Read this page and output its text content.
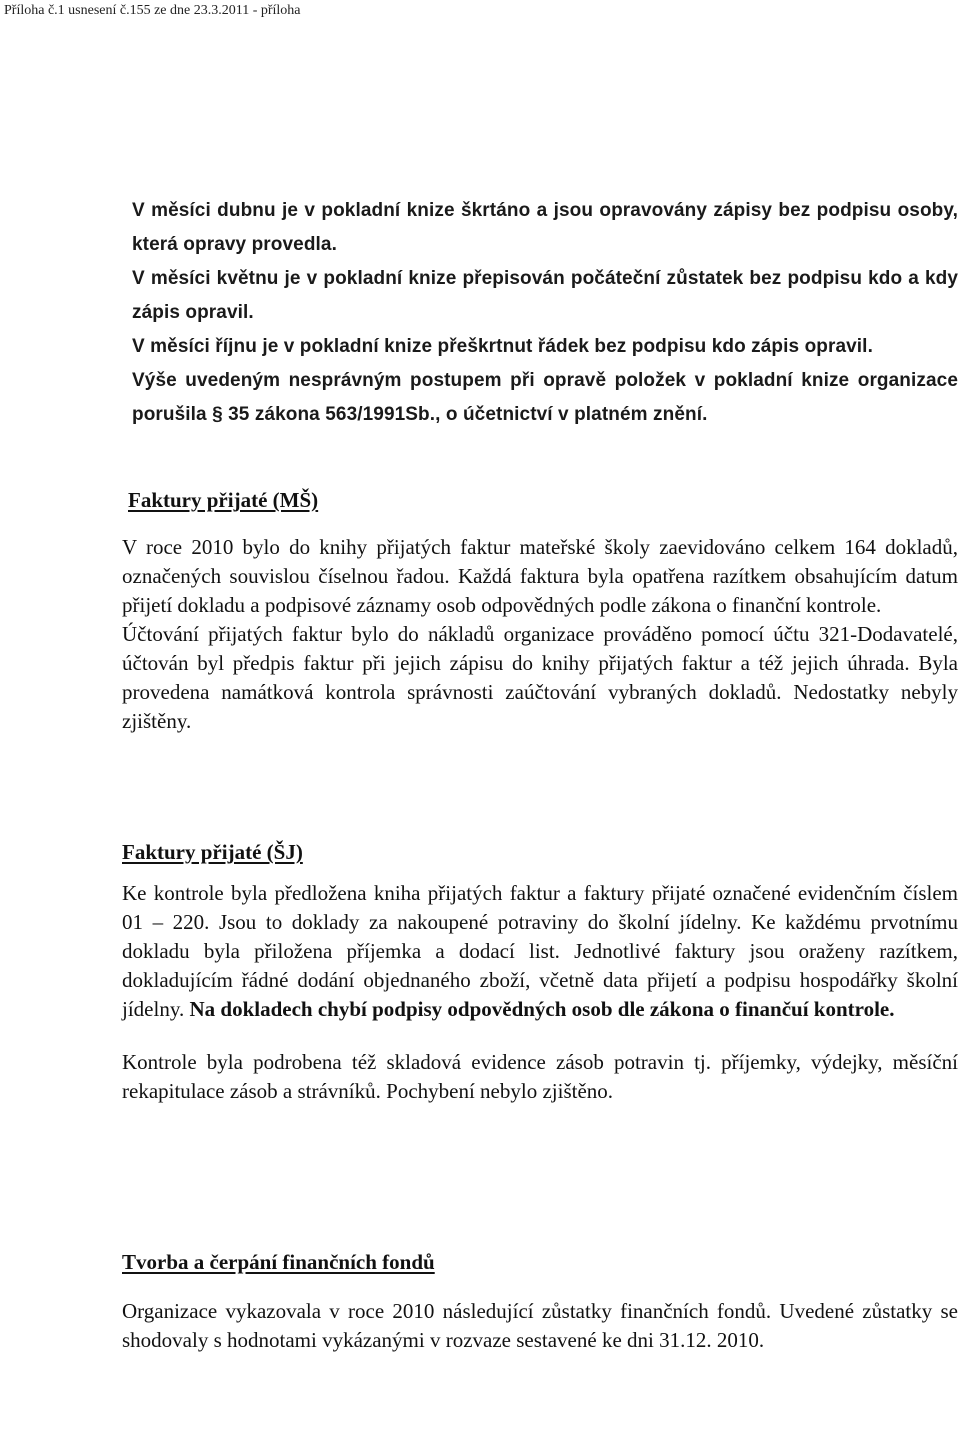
Příloha č.1 usnesení č.155 ze dne 23.3.2011 - příloha

V měsíci dubnu je v pokladní knize škrtáno a jsou opravovány zápisy bez podpisu osoby, která opravy provedla.

V měsíci květnu je v pokladní knize přepisován počáteční zůstatek bez podpisu kdo a kdy zápis opravil.

V měsíci říjnu je v pokladní knize přeškrtnut řádek bez podpisu kdo zápis opravil.

Výše uvedeným nesprávným postupem při opravě položek v pokladní knize organizace porušila § 35 zákona 563/1991Sb., o účetnictví v platném znění.

Faktury přijaté (MŠ)

V roce 2010 bylo do knihy přijatých faktur mateřské školy zaevidováno celkem 164 dokladů, označených souvislou číselnou řadou. Každá faktura byla opatřena razítkem obsahujícím datum přijetí dokladu a podpisové záznamy osob odpovědných podle zákona o finanční kontrole.

Účtování přijatých faktur bylo do nákladů organizace prováděno pomocí účtu 321-Dodavatelé, účtován byl předpis faktur při jejich zápisu do knihy přijatých faktur a též jejich úhrada. Byla provedena namátková kontrola správnosti zaúčtování vybraných dokladů. Nedostatky nebyly zjištěny.

Faktury přijaté (ŠJ)

Ke kontrole byla předložena kniha přijatých faktur a faktury přijaté označené evidenčním číslem 01 – 220. Jsou to doklady za nakoupené potraviny do školní jídelny. Ke každému prvotnímu dokladu byla přiložena příjemka a dodací list. Jednotlivé faktury jsou oraženy razítkem, dokladujícím řádné dodání objednaného zboží, včetně data přijetí a podpisu hospodářky školní jídelny. Na dokladech chybí podpisy odpovědných osob dle zákona o finančuí kontrole.

Kontrole byla podrobena též skladová evidence zásob potravin tj. příjemky, výdejky, měsíční rekapitulace zásob a strávníků. Pochybení nebylo zjištěno.

Tvorba a čerpání finančních fondů

Organizace vykazovala v roce 2010 následující zůstatky finančních fondů. Uvedené zůstatky se shodovaly s hodnotami vykázanými v rozvaze sestavené ke dni 31.12. 2010.
